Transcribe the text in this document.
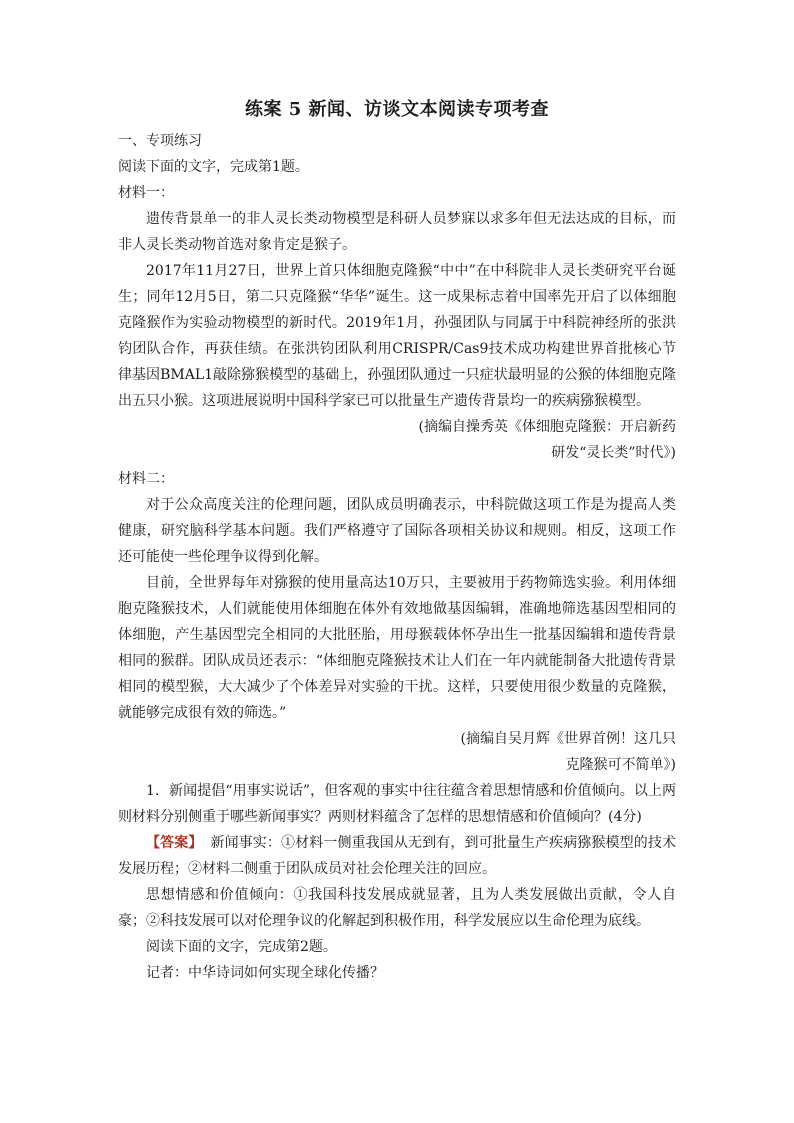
练案 5 新闻、访谈文本阅读专项考查

一、专项练习

阅读下面的文字，完成第1题。

材料一：

遗传背景单一的非人灵长类动物模型是科研人员梦寐以求多年但无法达成的目标，而非人灵长类动物首选对象肯定是猴子。

2017年11月27日，世界上首只体细胞克隆猴“中中”在中科院非人灵长类研究平台诞生；同年12月5日，第二只克隆猴“华华”诞生。这一成果标志着中国率先开启了以体细胞克隆猴作为实验动物模型的新时代。2019年1月，孙强团队与同属于中科院神经所的张洪钧团队合作，再获佳绩。在张洪钧团队利用CRISPR/Cas9技术成功构建世界首批核心节律基因BMAL1敲除猕猴模型的基础上，孙强团队通过一只症状最明显的公猴的体细胞克隆出五只小猴。这项进展说明中国科学家已可以批量生产遗传背景均一的疾病猕猴模型。

(摘编自操秀英《体细胞克隆猴：开启新药

研发“灵长类”时代》)

材料二：

对于公众高度关注的伦理问题，团队成员明确表示，中科院做这项工作是为提高人类健康，研究脑科学基本问题。我们严格遵守了国际各项相关协议和规则。相反，这项工作还可能使一些伦理争议得到化解。

目前，全世界每年对猕猴的使用量高达10万只，主要被用于药物筛选实验。利用体细胞克隆猴技术，人们就能使用体细胞在体外有效地做基因编辑，准确地筛选基因型相同的体细胞，产生基因型完全相同的大批胚胎，用母猴载体怀孕出生一批基因编辑和遗传背景相同的猴群。团队成员还表示：“体细胞克隆猴技术让人们在一年内就能制备大批遗传背景相同的模型猴，大大减少了个体差异对实验的干扰。这样，只要使用很少数量的克隆猴，就能够完成很有效的筛选。”

(摘编自吴月辉《世界首例！这几只

克隆猴可不简单》)

1．新闻提倡“用事实说话”，但客观的事实中往往蕴含着思想情感和价值倾向。以上两则材料分别侧重于哪些新闻事实？两则材料蕴含了怎样的思想情感和价值倾向？(4分)

【答案】 新闻事实：①材料一侧重我国从无到有，到可批量生产疾病猕猴模型的技术发展历程；②材料二侧重于团队成员对社会伦理关注的回应。

思想情感和价值倾向：①我国科技发展成就显著，且为人类发展做出贡献，令人自豪；②科技发展可以对伦理争议的化解起到积极作用，科学发展应以生命伦理为底线。

阅读下面的文字，完成第2题。

记者：中华诗词如何实现全球化传播？
